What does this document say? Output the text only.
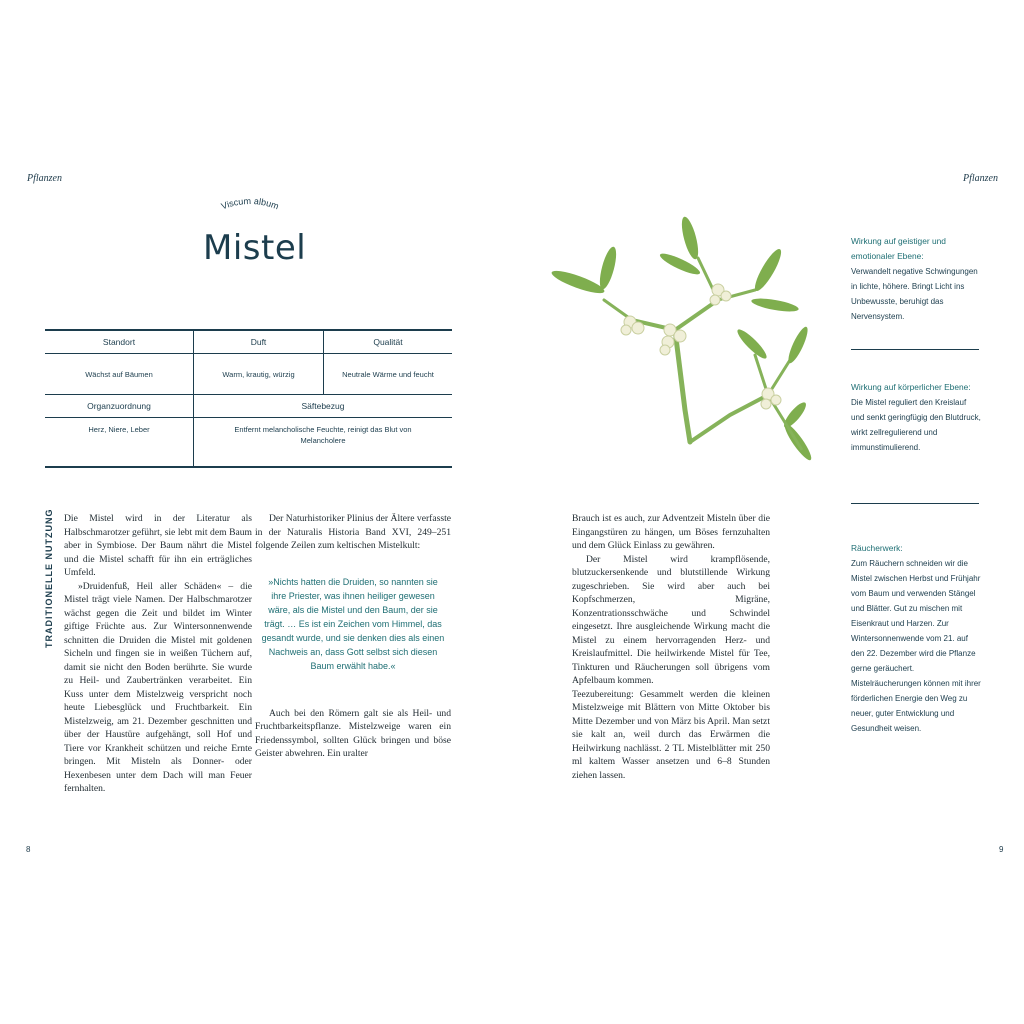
Pflanzen
Viscum album
Mistel
Standort	Duft	Qualität
Wächst auf Bäumen	Warm, krautig, würzig	Neutrale Wärme und feucht
Organzuordnung	Säftebezug	
Herz, Niere, Leber	Entfernt melancholische Feuchte, reinigt das Blut von Melancholere	
TRADITIONELLE NUTZUNG Die Mistel wird in der Literatur als Halbschmarotzer geführt, sie lebt mit dem Baum aber in Symbiose. Der Baum nährt die Mistel und die Mistel schafft für ihn ein erträgliches Umfeld.

»Druidenfuß, Heil aller Schäden« – die Mistel trägt viele Namen. Der Halbschmarotzer wächst gegen die Zeit und bildet im Winter giftige Früchte aus. Zur Wintersonnenwende schnitten die Druiden die Mistel mit goldenen Sicheln und fingen sie in weißen Tüchern auf, damit sie nicht den Boden berührte. Sie wurde zu Heil- und Zaubertränken verarbeitet. Ein Kuss unter dem Mistelzweig verspricht noch heute Liebesglück und Fruchtbarkeit. Ein Mistelzweig, am 21. Dezember geschnitten und über der Haustüre aufgehängt, soll Hof und Tiere vor Krankheit schützen und reiche Ernte bringen. Mit Misteln als Donner- oder Hexenbesen unter dem Dach will man Feuer fernhalten.

Der Naturhistoriker Plinius der Ältere verfasste in der Naturalis Historia Band XVI, 249–251 folgende Zeilen zum keltischen Mistelkult:

»Nichts hatten die Druiden, so nannten sie ihre Priester, was ihnen heiliger gewesen wäre, als die Mistel und den Baum, der sie trägt. … Es ist ein Zeichen vom Himmel, das gesandt wurde, und sie denken dies als einen Nachweis an, dass Gott selbst sich diesen Baum erwählt habe.«

Auch bei den Römern galt sie als Heil- und Fruchtbarkeitspflanze. Mistelzweige waren ein Friedenssymbol, sollten Glück bringen und böse Geister abwehren. Ein uralter

8
Pflanzen

Brauch ist es auch, zur Adventzeit Misteln über die Eingangstüren zu hängen, um Böses fernzuhalten und dem Glück Einlass zu gewähren.

Der Mistel wird krampflösende, blutzuckersenkende und blutstillende Wirkung zugeschrieben. Sie wird aber auch bei Kopfschmerzen, Migräne, Konzentrationsschwäche und Schwindel eingesetzt. Ihre ausgleichende Wirkung macht die Mistel zu einem hervorragenden Herz- und Kreislaufmittel. Die heilwirkende Mistel für Tee, Tinkturen und Räucherungen soll übrigens vom Apfelbaum kommen.

Teezubereitung: Gesammelt werden die kleinen Mistelzweige mit Blättern von Mitte Oktober bis Mitte Dezember und von März bis April. Man setzt sie kalt an, weil durch das Erwärmen die Heilwirkung nachlässt. 2 TL Mistelblätter mit 250 ml kaltem Wasser ansetzen und 6–8 Stunden ziehen lassen.

Wirkung auf geistiger und emotionaler Ebene:
Verwandelt negative Schwingungen in lichte, höhere. Bringt Licht ins Unbewusste, beruhigt das Nervensystem.
Wirkung auf körperlicher Ebene:
Die Mistel reguliert den Kreislauf und senkt geringfügig den Blutdruck, wirkt zellregulierend und immunstimulierend.
Räucherwerk:
Zum Räuchern schneiden wir die Mistel zwischen Herbst und Frühjahr vom Baum und verwenden Stängel und Blätter. Gut zu mischen mit Eisenkraut und Harzen. Zur Wintersonnenwende vom 21. auf den 22. Dezember wird die Pflanze gerne geräuchert. Mistelräucherungen können mit ihrer förderlichen Energie den Weg zu neuer, guter Entwicklung und Gesundheit weisen.
9
